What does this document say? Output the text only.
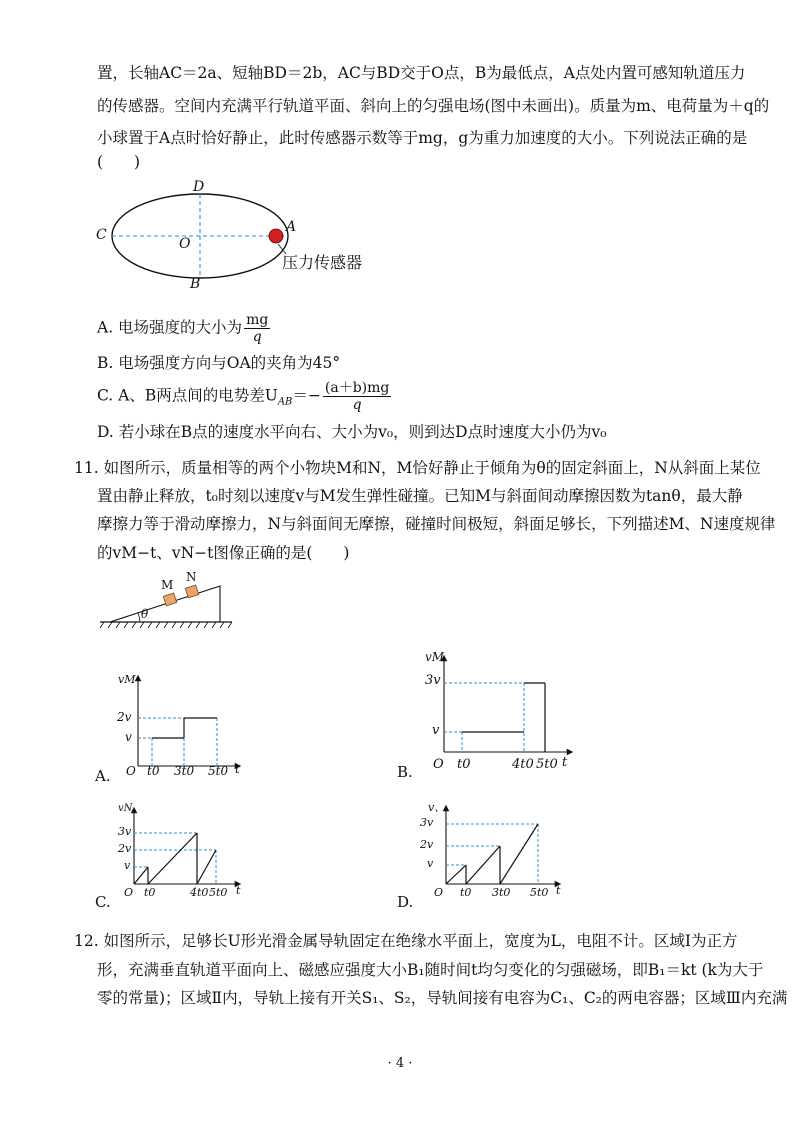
置，长轴AC＝2a、短轴BD＝2b，AC与BD交于O点，B为最低点，A点处内置可感知轨道压力
的传感器。空间内充满平行轨道平面、斜向上的匀强电场(图中未画出)。质量为m、电荷量为＋q的
小球置于A点时恰好静止，此时传感器示数等于mg，g为重力加速度的大小。下列说法正确的是
(　　)
D
C
O
A
B
压力传感器
A. 电场强度的大小为 $\frac{mg}{q}$
B. 电场强度方向与OA的夹角为45°
C. A、B两点间的电势差$U_{AB}=- \frac{(a+b)mg}{q}$
D. 若小球在B点的速度水平向右、大小为v₀，则到达D点时速度大小仍为v₀
11. 如图所示，质量相等的两个小物块M和N，M恰好静止于倾角为θ的固定斜面上，N从斜面上某位
置由静止释放，t₀时刻以速度v与M发生弹性碰撞。已知M与斜面间动摩擦因数为tanθ，最大静
摩擦力等于滑动摩擦力，N与斜面间无摩擦，碰撞时间极短，斜面足够长，下列描述M、N速度规律
的vM−t、vN−t图像正确的是(　　)
M
N
θ
A.
vM
2v
v
O t0 3t0 5t0 t	B.
vM
3v
v
O t0	4t0 5t0 t
C.
vN
3v
2v
v
O t0	4t0 5t0 t
D.
v、
3v
2v
v
O t0 3t0 5t0 t
12. 如图所示，足够长U形光滑金属导轨固定在绝缘水平面上，宽度为L，电阻不计。区域Ⅰ为正方
形，充满垂直轨道平面向上、磁感应强度大小B₁随时间t均匀变化的匀强磁场，即B₁＝kt (k为大于
零的常量)；区域Ⅱ内，导轨上接有开关S₁、S₂，导轨间接有电容为C₁、C₂的两电容器；区域Ⅲ内充满
· 4 ·
